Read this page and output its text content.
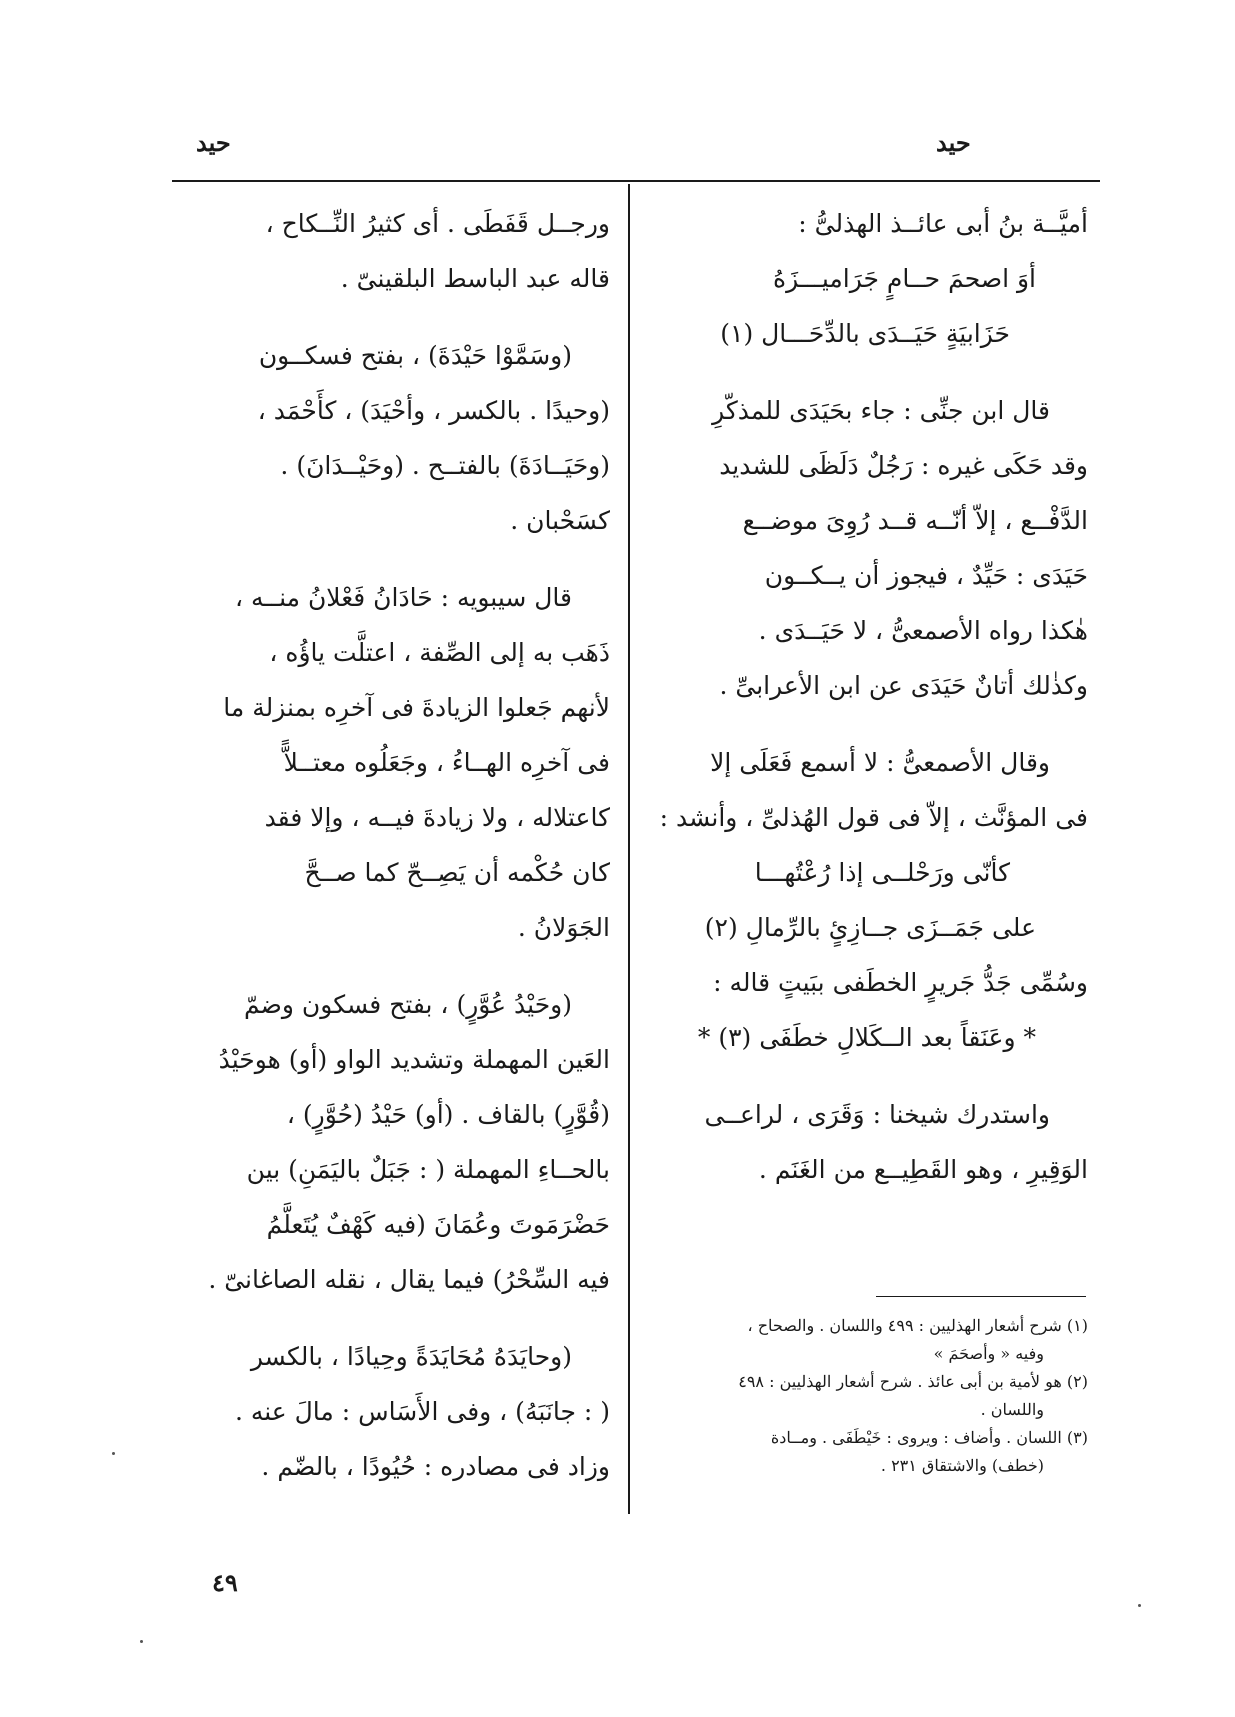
حيد
حيد
أميَّــة بنُ أبى عائــذ الهذلىُّ :
أوَ اصحمَ حــامٍ جَرَاميـــزَهُ
حَزَابيَةٍ حَيَــدَى بالدِّحَـــال (١)
قال ابن جنِّى : جاء بحَيَدَى للمذكّرِ
وقد حَكَى غيره : رَجُلٌ دَلَظَى للشديد
الدَّفْــع ، إلاّ أنّــه قــد رُوِىَ موضــع
حَيَدَى : حَيِّدٌ ، فيجوز أن يــكــون
هٰكذا رواه الأصمعىُّ ، لا حَيَــدَى .
وكذٰلك أتانٌ حَيَدَى عن ابن الأعرابىِّ .
وقال الأصمعىُّ : لا أسمع فَعَلَى إلا
فى المؤنَّث ، إلاّ فى قول الهُذلىِّ ، وأنشد :
كأنّى ورَحْلــى إذا رُعْتُهـــا
على جَمَــزَى جــازِئٍ بالرِّمالِ (٢)
وسُمِّى جَدُّ جَريرٍ الخطَفى ببَيتٍ قاله :
* وعَنَقاً بعد الــكَلالِ خطَفَى (٣) *
واستدرك شيخنا : وَقَرَى ، لراعــى
الوَقِيرِ ، وهو القَطِيــع من الغَنَم .
(١) شرح أشعار الهذليين : ٤٩٩ واللسان . والصحاح ،
وفيه « وأصحَمَ »
(٢) هو لأمية بن أبى عائذ . شرح أشعار الهذليين : ٤٩٨
واللسان .
(٣) اللسان . وأضاف : ويروى : خَيْطَفَى . ومــادة
(خطف) والاشتقاق ٢٣١ .
ورجــل قَفَطَى . أى كثيرُ النِّــكاح ،
قاله عبد الباسط البلقينىّ .
(وسَمَّوْا حَيْدَةَ) ، بفتح فسكــون
(وحيدًا . بالكسر ، وأحْيَدَ) ، كأَحْمَد ،
(وحَيَــادَةَ) بالفتــح . (وحَيْــدَانَ) .
كسَحْبان .
قال سيبويه : حَادَانُ فَعْلانُ منــه ،
ذَهَب به إلى الصِّفة ، اعتلَّت ياؤُه ،
لأنهم جَعلوا الزيادةَ فى آخرِه بمنزلة ما
فى آخرِه الهــاءُ ، وجَعَلُوه معتــلاًّ
كاعتلاله ، ولا زيادةَ فيــه ، وإلا فقد
كان حُكْمه أن يَصِــحّ كما صــحَّ
الجَوَلانُ .
(وحَيْدُ عُوَّرٍ) ، بفتح فسكون وضمّ
العَين المهملة وتشديد الواو (أو) هوحَيْدُ
(قُوَّرٍ) بالقاف . (أو) حَيْدُ (حُوَّرٍ) ،
بالحــاءِ المهملة ( : جَبَلٌ باليَمَنِ) بين
حَضْرَمَوتَ وعُمَانَ (فيه كَهْفٌ يُتَعلَّمُ
فيه السِّحْرُ) فيما يقال ، نقله الصاغانىّ .
(وحايَدَهُ مُحَايَدَةً وحِيادًا ، بالكسر
( : جانَبَهُ) ، وفى الأَسَاس : مالَ عنه .
وزاد فى مصادره : حُيُودًا ، بالضّم .
٤٩
